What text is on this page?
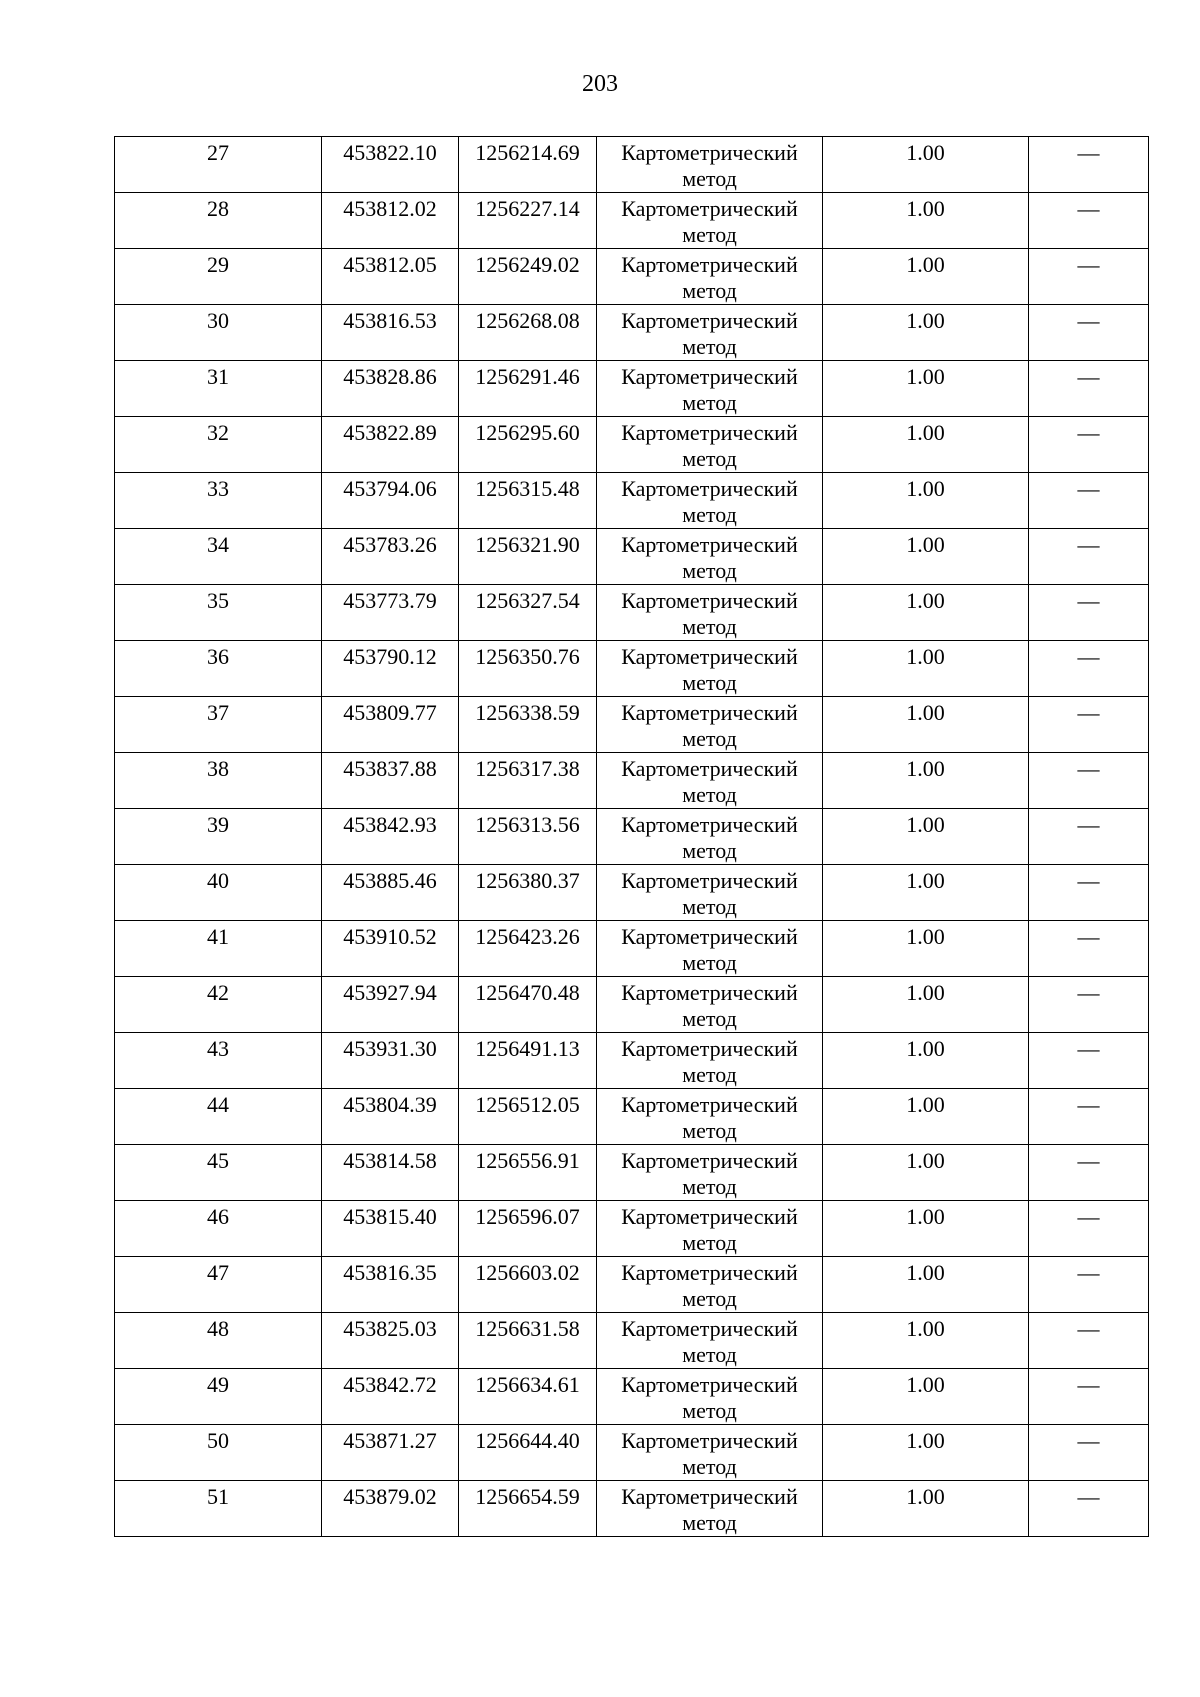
203
27	453822.10	1256214.69	Картометрический
метод	1.00	—

28	453812.02	1256227.14	Картометрический
метод	1.00	—

29	453812.05	1256249.02	Картометрический
метод	1.00	—

30	453816.53	1256268.08	Картометрический
метод	1.00	—

31	453828.86	1256291.46	Картометрический
метод	1.00	—

32	453822.89	1256295.60	Картометрический
метод	1.00	—

33	453794.06	1256315.48	Картометрический
метод	1.00	—

34	453783.26	1256321.90	Картометрический
метод	1.00	—

35	453773.79	1256327.54	Картометрический
метод	1.00	—

36	453790.12	1256350.76	Картометрический
метод	1.00	—

37	453809.77	1256338.59	Картометрический
метод	1.00	—

38	453837.88	1256317.38	Картометрический
метод	1.00	—

39	453842.93	1256313.56	Картометрический
метод	1.00	—

40	453885.46	1256380.37	Картометрический
метод	1.00	—

41	453910.52	1256423.26	Картометрический
метод	1.00	—

42	453927.94	1256470.48	Картометрический
метод	1.00	—

43	453931.30	1256491.13	Картометрический
метод	1.00	—

44	453804.39	1256512.05	Картометрический
метод	1.00	—

45	453814.58	1256556.91	Картометрический
метод	1.00	—

46	453815.40	1256596.07	Картометрический
метод	1.00	—

47	453816.35	1256603.02	Картометрический
метод	1.00	—

48	453825.03	1256631.58	Картометрический
метод	1.00	—

49	453842.72	1256634.61	Картометрический
метод	1.00	—

50	453871.27	1256644.40	Картометрический
метод	1.00	—

51	453879.02	1256654.59	Картометрический
метод	1.00	—
